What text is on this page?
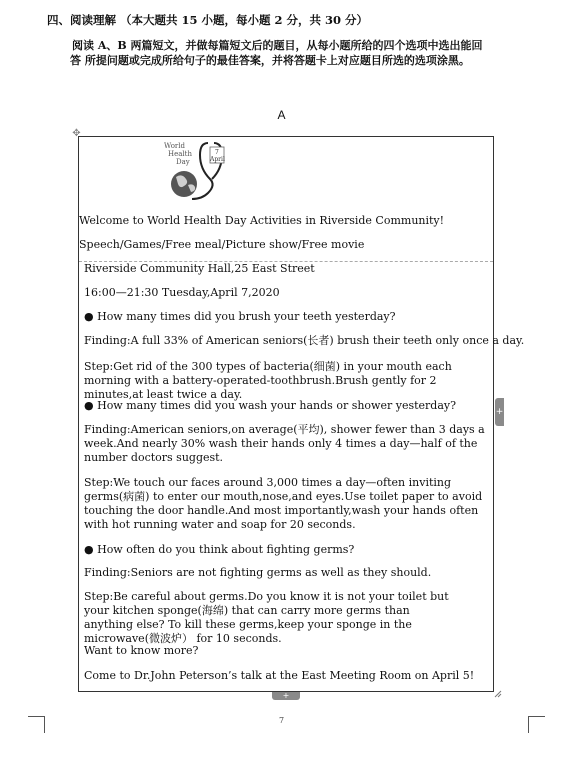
四、阅读理解 （本大题共 15 小题，每小题 2 分，共 30 分）
阅读 A、B 两篇短文，并做每篇短文后的题目，从每小题所给的四个选项中选出能回
答 所提问题或完成所给句子的最佳答案，并将答题卡上对应题目所选的选项涂黑。
A
✥
World
Health
Day
7
April
Welcome to World Health Day Activities in Riverside Community!
Speech/Games/Free meal/Picture show/Free movie
Riverside Community Hall,25 East Street
16:00—21:30 Tuesday,April 7,2020
● How many times did you brush your teeth yesterday?
Finding:A full 33% of American seniors(长者) brush their teeth only once a day.
Step:Get rid of the 300 types of bacteria(细菌) in your mouth each morning with a battery-operated-toothbrush.Brush gently for 2 minutes,at least twice a day.
● How many times did you wash your hands or shower yesterday?
Finding:American seniors,on average(平均), shower fewer than 3 days a week.And nearly 30% wash their hands only 4 times a day—half of the number doctors suggest.
Step:We touch our faces around 3,000 times a day—often inviting germs(病菌) to enter our mouth,nose,and eyes.Use toilet paper to avoid touching the door handle.And most importantly,wash your hands often with hot running water and soap for 20 seconds.
● How often do you think about fighting germs?
Finding:Seniors are not fighting germs as well as they should.
Step:Be careful about germs.Do you know it is not your toilet but your kitchen sponge(海绵) that can carry more germs than anything else? To kill these germs,keep your sponge in the microwave(微波炉） for 10 seconds.
Want to know more?
Come to Dr.John Peterson’s talk at the East Meeting Room on April 5!
+
+
7
